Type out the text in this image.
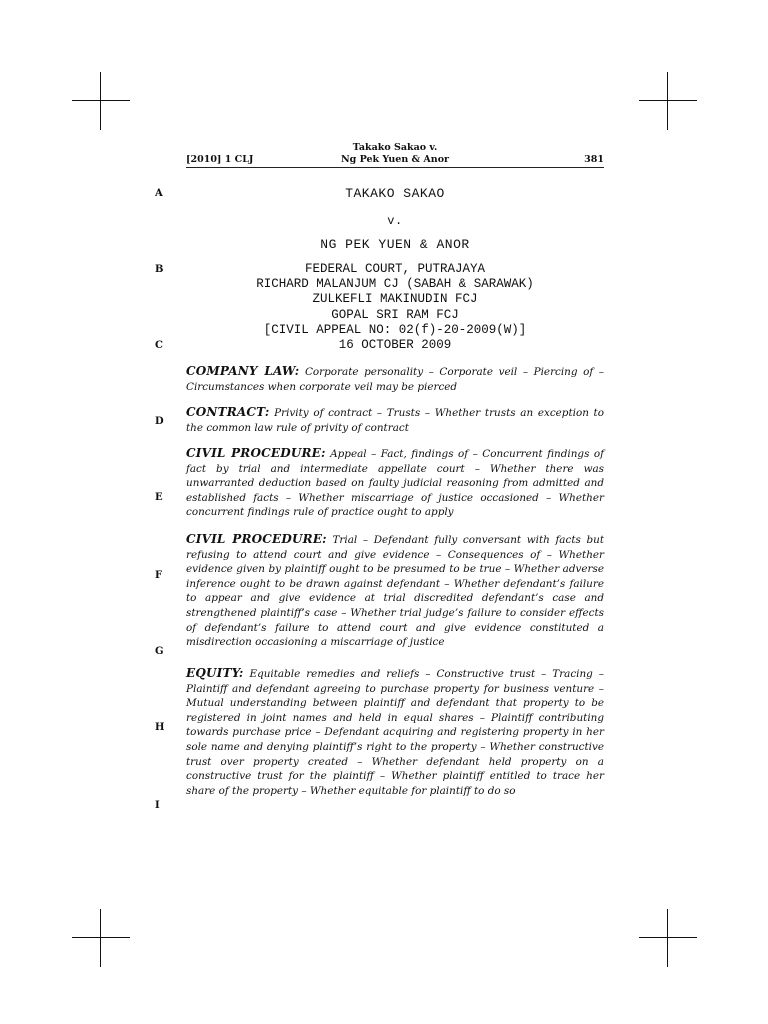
[2010] 1 CLJ
Takako Sakao v.
Ng Pek Yuen & Anor	381
A
B
C
D
E
F
G
H
I
TAKAKO SAKAO
v.
NG PEK YUEN & ANOR
FEDERAL COURT, PUTRAJAYA
RICHARD MALANJUM CJ (SABAH & SARAWAK)
ZULKEFLI MAKINUDIN FCJ
GOPAL SRI RAM FCJ
[CIVIL APPEAL NO: 02(f)-20-2009(W)]
16 OCTOBER 2009

COMPANY LAW: Corporate personality – Corporate veil – Piercing of – Circumstances when corporate veil may be pierced

CONTRACT: Privity of contract – Trusts – Whether trusts an exception to the common law rule of privity of contract

CIVIL PROCEDURE: Appeal – Fact, findings of – Concurrent findings of fact by trial and intermediate appellate court – Whether there was unwarranted deduction based on faulty judicial reasoning from admitted and established facts – Whether miscarriage of justice occasioned – Whether concurrent findings rule of practice ought to apply

CIVIL PROCEDURE: Trial – Defendant fully conversant with facts but refusing to attend court and give evidence – Consequences of – Whether evidence given by plaintiff ought to be presumed to be true – Whether adverse inference ought to be drawn against defendant – Whether defendant’s failure to appear and give evidence at trial discredited defendant’s case and strengthened plaintiff’s case – Whether trial judge’s failure to consider effects of defendant’s failure to attend court and give evidence constituted a misdirection occasioning a miscarriage of justice

EQUITY: Equitable remedies and reliefs – Constructive trust – Tracing – Plaintiff and defendant agreeing to purchase property for business venture – Mutual understanding between plaintiff and defendant that property to be registered in joint names and held in equal shares – Plaintiff contributing towards purchase price – Defendant acquiring and registering property in her sole name and denying plaintiff’s right to the property – Whether constructive trust over property created – Whether defendant held property on a constructive trust for the plaintiff – Whether plaintiff entitled to trace her share of the property – Whether equitable for plaintiff to do so
